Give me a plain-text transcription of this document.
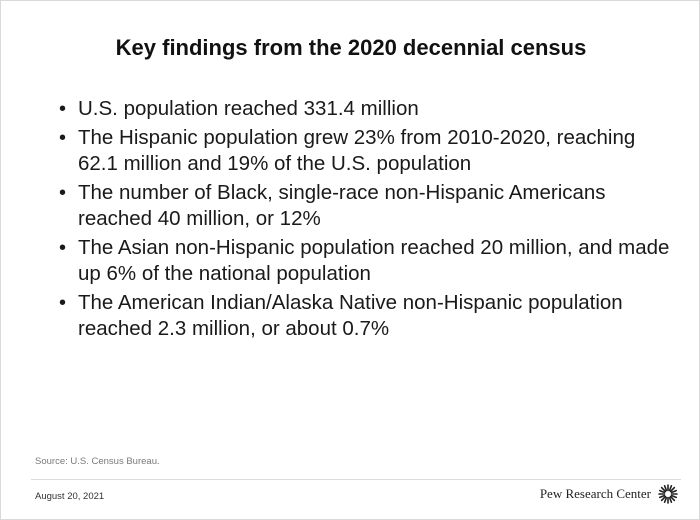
Key findings from the 2020 decennial census
• U.S. population reached 331.4 million
• The Hispanic population grew 23% from 2010-2020, reaching 62.1 million and 19% of the U.S. population
• The number of Black, single-race non-Hispanic Americans reached 40 million, or 12%
• The Asian non-Hispanic population reached 20 million, and made up 6% of the national population
• The American Indian/Alaska Native non-Hispanic population reached 2.3 million, or about 0.7%
Source: U.S. Census Bureau.
August 20, 2021	Pew Research Center
